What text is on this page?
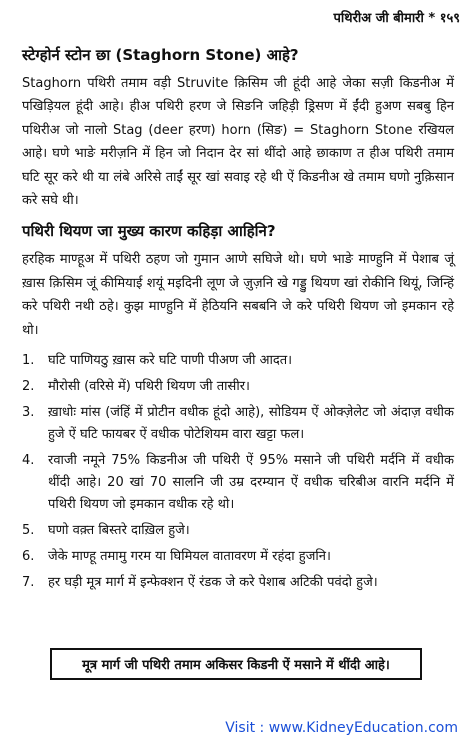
पथिरीअ जी बीमारी * १५९
स्टेग्होर्न स्टोन छा (Staghorn Stone) आहे?

Staghorn पथिरी तमाम वड़ी Struvite क़िसिम जी हूंदी आहे जेका सज़ी किडनीअ में पखिड़ियल हूंदी आहे। हीअ पथिरी हरण जे सिङनि जहिड़ी ड्रिसण में ईंदी हुअण सबबु हिन पथिरीअ जो नालो Stag (deer हरण) horn (सिङ) = Staghorn Stone रखियल आहे। घणे भाङे मरीज़नि में हिन जो निदान देर सां थींदो आहे छाकाण त हीअ पथिरी तमाम घटि सूर करे थी या लंबे अरिसे ताईं सूर खां सवाइ रहे थी ऐं किडनीअ खे तमाम घणो नुक़िसान करे सघे थी।

पथिरी थियण जा मुख्य कारण कहिड़ा आहिनि?

हरहिक माण्हूअ में पथिरी ठहण जो गुमान आणे सघिजे थो। घणे भाङे माण्हुनि में पेशाब जूं ख़ास क़िसिम जूं कीमियाई शयूं मइदिनी लूण जे ज़ुज़नि खे गड्डु थियण खां रोकीनि थियूं, जिन्हिं करे पथिरी नथी ठहे। कुझ माण्हुनि में हेठियनि सबबनि जे करे पथिरी थियण जो इमकान रहे थो।

1.	घटि पाणियठु ख़ास करे घटि पाणी पीअण जी आदत।
2.	मौरोसी (वरिसे में) पथिरी थियण जी तासीर।
3.	ख़ाधोः मांस (जंहिं में प्रोटीन वधीक हूंदो आहे), सोडियम ऐं ओक्ज़ेलेट जो अंदाज़ वधीक हुजे ऐं घटि फायबर ऐं वधीक पोटेशियम वारा खट्टा फल।
4.	रवाजी नमूने 75% किडनीअ जी पथिरी ऐं 95% मसाने जी पथिरी मर्दनि में वधीक थींदी आहे। 20 खां 70 सालनि जी उम्र दरम्यान ऐं वधीक चरिबीअ वारनि मर्दनि में पथिरी थियण जो इमकान वधीक रहे थो।
5.	घणो वक़्त बिस्तरे दाख़िल हुजे।
6.	जेके माण्हू तमामु गरम या घिमियल वातावरण में रहंदा हुजनि।
7.	हर घड़ी मूत्र मार्ग में इन्फेक्शन ऐं रंडक जे करे पेशाब अटिकी पवंदो हुजे।
मूत्र मार्ग जी पथिरी तमाम अकिसर किडनी ऐं मसाने में थींदी आहे।
Visit : www.KidneyEducation.com
